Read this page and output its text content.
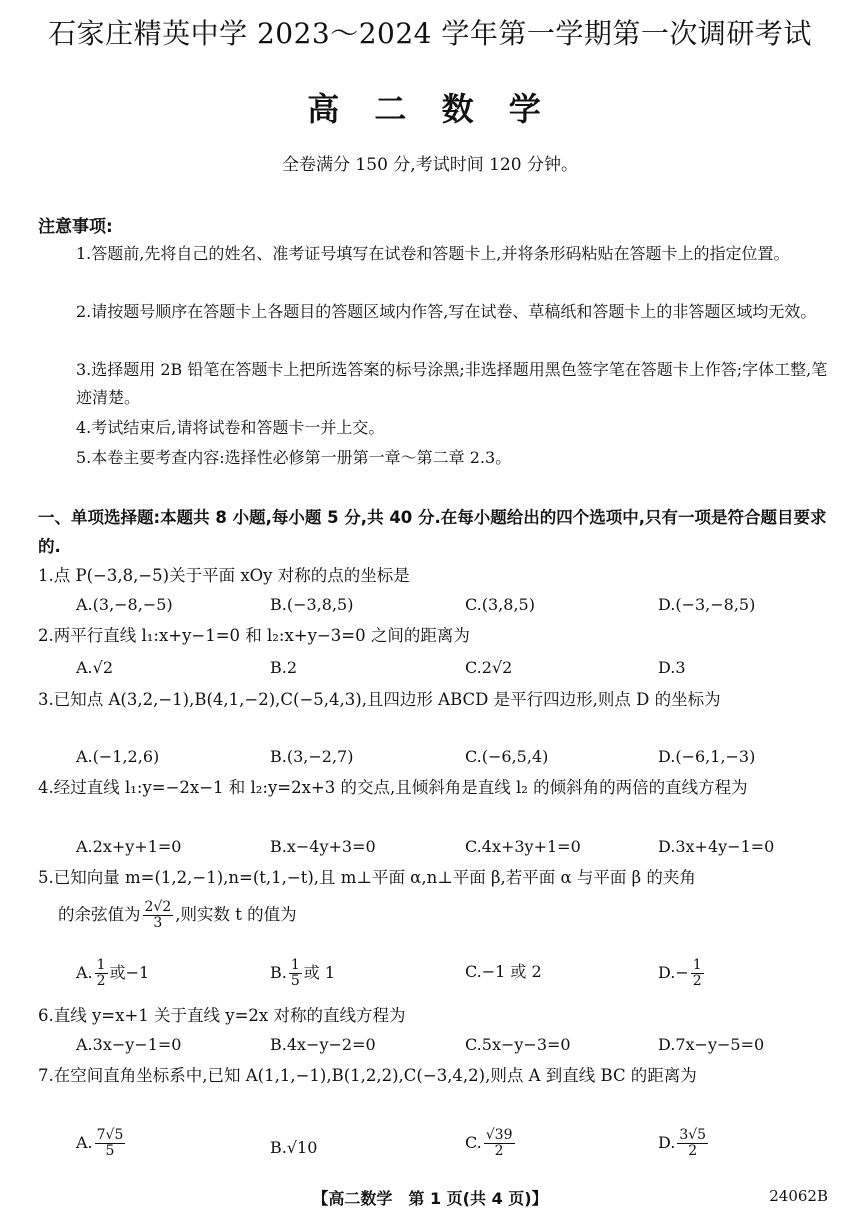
石家庄精英中学 2023～2024 学年第一学期第一次调研考试
高 二 数 学
全卷满分 150 分,考试时间 120 分钟。
注意事项:
1.答题前,先将自己的姓名、准考证号填写在试卷和答题卡上,并将条形码粘贴在答题卡上的指定位置。
2.请按题号顺序在答题卡上各题目的答题区域内作答,写在试卷、草稿纸和答题卡上的非答题区域均无效。
3.选择题用 2B 铅笔在答题卡上把所选答案的标号涂黑;非选择题用黑色签字笔在答题卡上作答;字体工整,笔迹清楚。
4.考试结束后,请将试卷和答题卡一并上交。
5.本卷主要考查内容:选择性必修第一册第一章～第二章 2.3。
一、单项选择题:本题共 8 小题,每小题 5 分,共 40 分.在每小题给出的四个选项中,只有一项是符合题目要求的.
1.点 P(−3,8,−5)关于平面 xOy 对称的点的坐标是
A.(3,−8,−5)	B.(−3,8,5)	C.(3,8,5)	D.(−3,−8,5)
2.两平行直线 l₁:x+y−1=0 和 l₂:x+y−3=0 之间的距离为
A.√2	B.2	C.2√2	D.3
3.已知点 A(3,2,−1),B(4,1,−2),C(−5,4,3),且四边形 ABCD 是平行四边形,则点 D 的坐标为
A.(−1,2,6)	B.(3,−2,7)	C.(−6,5,4)	D.(−6,1,−3)
4.经过直线 l₁:y=−2x−1 和 l₂:y=2x+3 的交点,且倾斜角是直线 l₂ 的倾斜角的两倍的直线方程为
A.2x+y+1=0	B.x−4y+3=0	C.4x+3y+1=0	D.3x+4y−1=0
5.已知向量 m=(1,2,−1),n=(t,1,−t),且 m⊥平面 α,n⊥平面 β,若平面 α 与平面 β 的夹角
的余弦值为 $\frac{2√2}{3}$ ,则实数 t 的值为
A. $\frac{1}{2}$ 或−1	B. $\frac{1}{5}$ 或 1	C.−1 或 2	$D.- \frac{1}{2}$
6.直线 y=x+1 关于直线 y=2x 对称的直线方程为
A.3x−y−1=0	B.4x−y−2=0	C.5x−y−3=0	D.7x−y−5=0
7.在空间直角坐标系中,已知 A(1,1,−1),B(1,2,2),C(−3,4,2),则点 A 到直线 BC 的距离为
A. $\frac{7√5}{5}$	B.√10	C. $\frac{√39}{2}$	D. $\frac{3√5}{2}$
【高二数学　第 1 页(共 4 页)】	24062B
